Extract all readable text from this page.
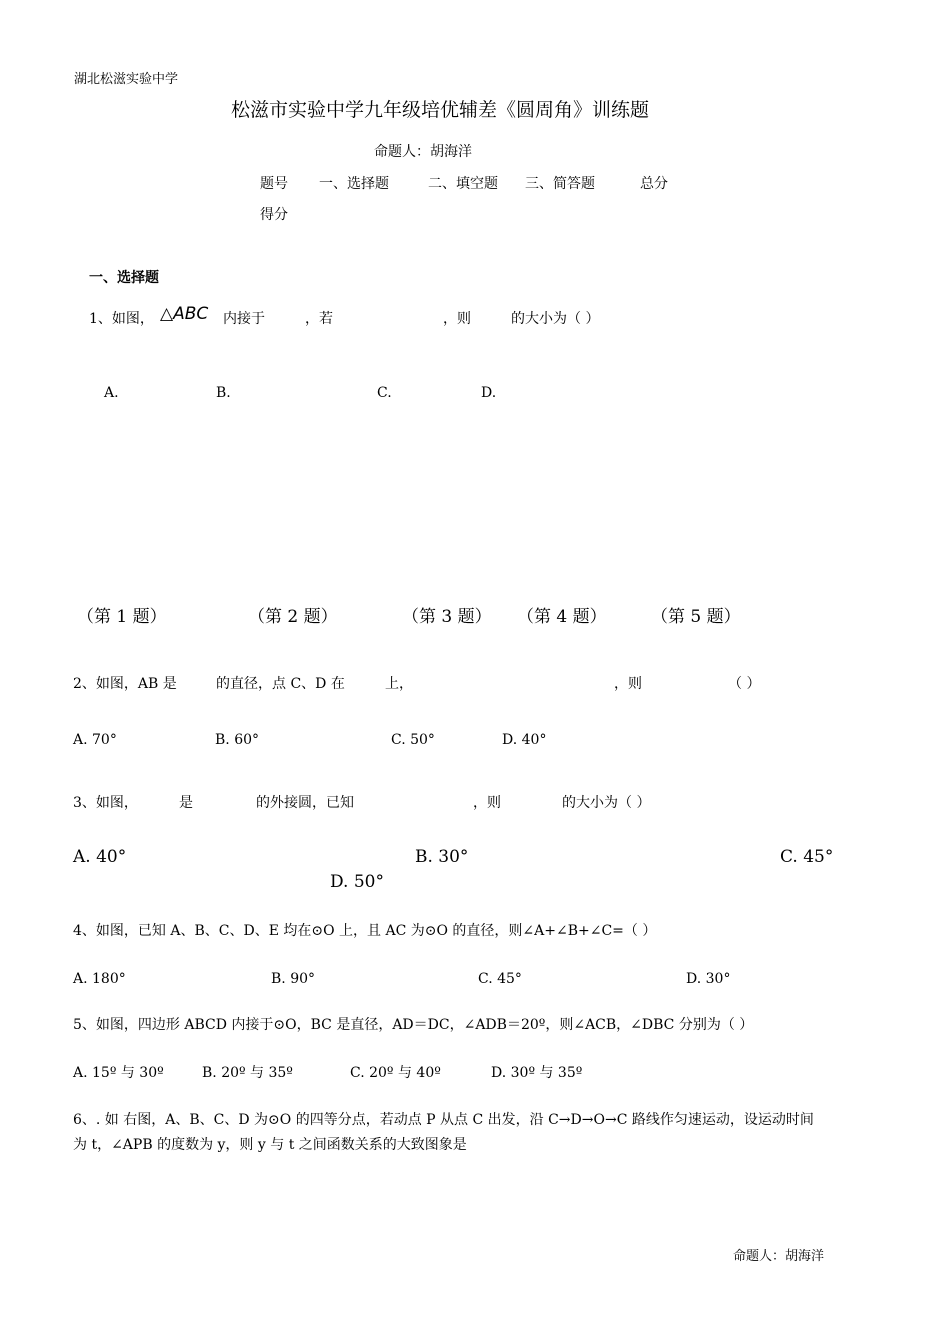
湖北松滋实验中学
松滋市实验中学九年级培优辅差《圆周角》训练题
命题人：胡海洋
题号 一、选择题	二、填空题 三、简答题	总分
得分
一、选择题
1、如图， △ABC 内接于	，若	，则	的大小为（ ）
A.	B.	C.	D.
（第 1 题）	（第 2 题）	（第 3 题） （第 4 题）	（第 5 题）
2、如图，AB 是	的直径，点 C、D 在	上，	，则	（ ）
A. 70°	B. 60°	C. 50°	D. 40°
3、如图，	是	的外接圆，已知	，则	的大小为（ ）
A. 40°	B. 30°	C. 45°
D. 50°
4、如图，已知 A、B、C、D、E 均在⊙O 上，且 AC 为⊙O 的直径，则∠A+∠B+∠C=（ ）
A. 180°	B. 90°	C. 45°	D. 30°
5、如图，四边形 ABCD 内接于⊙O，BC 是直径，AD＝DC，∠ADB＝20º，则∠ACB，∠DBC 分别为（ ）
A. 15º 与 30º	B. 20º 与 35º	C. 20º 与 40º	D. 30º 与 35º
6、. 如 右图，A、B、C、D 为⊙O 的四等分点，若动点 P 从点 C 出发，沿 C→D→O→C 路线作匀速运动，设运动时间
为 t，∠APB 的度数为 y，则 y 与 t 之间函数关系的大致图象是
命题人：胡海洋
